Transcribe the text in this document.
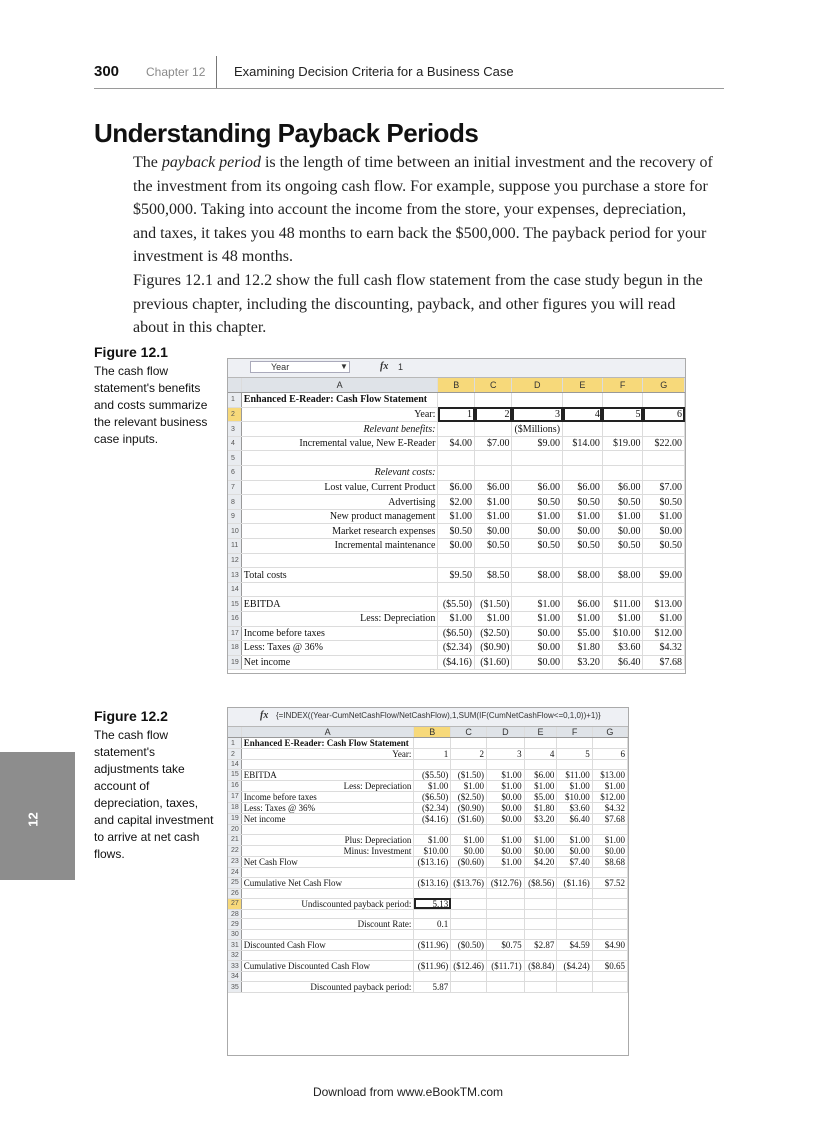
300 Chapter 12 Examining Decision Criteria for a Business Case
Understanding Payback Periods

The payback period is the length of time between an initial investment and the recovery of the investment from its ongoing cash flow. For example, suppose you purchase a store for $500,000. Taking into account the income from the store, your expenses, depreciation, and taxes, it takes you 48 months to earn back the $500,000. The payback period for your investment is 48 months.

Figures 12.1 and 12.2 show the full cash flow statement from the case study begun in the previous chapter, including the discounting, payback, and other figures you will read about in this chapter.

Figure 12.1
The cash flow statement's benefits and costs summarize the relevant business case inputs.
Year	▼	fx 1
	A	B	C	D	E	F	G
1	Enhanced E-Reader: Cash Flow Statement						
2	Year:	1	2	3	4	5	6
3	Relevant benefits:			($Millions)			
4	Incremental value, New E-Reader	$4.00	$7.00	$9.00	$14.00	$19.00	$22.00
5							
6	Relevant costs:						
7	Lost value, Current Product	$6.00	$6.00	$6.00	$6.00	$6.00	$7.00
8	Advertising	$2.00	$1.00	$0.50	$0.50	$0.50	$0.50
9	New product management	$1.00	$1.00	$1.00	$1.00	$1.00	$1.00
10	Market research expenses	$0.50	$0.00	$0.00	$0.00	$0.00	$0.00
11	Incremental maintenance	$0.00	$0.50	$0.50	$0.50	$0.50	$0.50
12							
13	Total costs	$9.50	$8.50	$8.00	$8.00	$8.00	$9.00
14							
15	EBITDA	($5.50)	($1.50)	$1.00	$6.00	$11.00	$13.00
16	Less: Depreciation	$1.00	$1.00	$1.00	$1.00	$1.00	$1.00
17	Income before taxes	($6.50)	($2.50)	$0.00	$5.00	$10.00	$12.00
18	Less: Taxes @ 36%	($2.34)	($0.90)	$0.00	$1.80	$3.60	$4.32
19	Net income	($4.16)	($1.60)	$0.00	$3.20	$6.40	$7.68
Figure 12.2
The cash flow statement's adjustments take account of depreciation, taxes, and capital investment to arrive at net cash flows.
12
fx {=INDEX((Year-CumNetCashFlow/NetCashFlow),1,SUM(IF(CumNetCashFlow<=0,1,0))+1)}
	A	B	C	D	E	F	G
1	Enhanced E-Reader: Cash Flow Statement						
2	Year:	1	2	3	4	5	6
14							
15	EBITDA	($5.50)	($1.50)	$1.00	$6.00	$11.00	$13.00
16	Less: Depreciation	$1.00	$1.00	$1.00	$1.00	$1.00	$1.00
17	Income before taxes	($6.50)	($2.50)	$0.00	$5.00	$10.00	$12.00
18	Less: Taxes @ 36%	($2.34)	($0.90)	$0.00	$1.80	$3.60	$4.32
19	Net income	($4.16)	($1.60)	$0.00	$3.20	$6.40	$7.68
20							
21	Plus: Depreciation	$1.00	$1.00	$1.00	$1.00	$1.00	$1.00
22	Minus: Investment	$10.00	$0.00	$0.00	$0.00	$0.00	$0.00
23	Net Cash Flow	($13.16)	($0.60)	$1.00	$4.20	$7.40	$8.68
24							
25	Cumulative Net Cash Flow	($13.16)	($13.76)	($12.76)	($8.56)	($1.16)	$7.52
26							
27	Undiscounted payback period:	5.13					
28							
29	Discount Rate:	0.1					
30							
31	Discounted Cash Flow	($11.96)	($0.50)	$0.75	$2.87	$4.59	$4.90
32							
33	Cumulative Discounted Cash Flow	($11.96)	($12.46)	($11.71)	($8.84)	($4.24)	$0.65
34							
35	Discounted payback period:	5.87					
Download from www.eBookTM.com
